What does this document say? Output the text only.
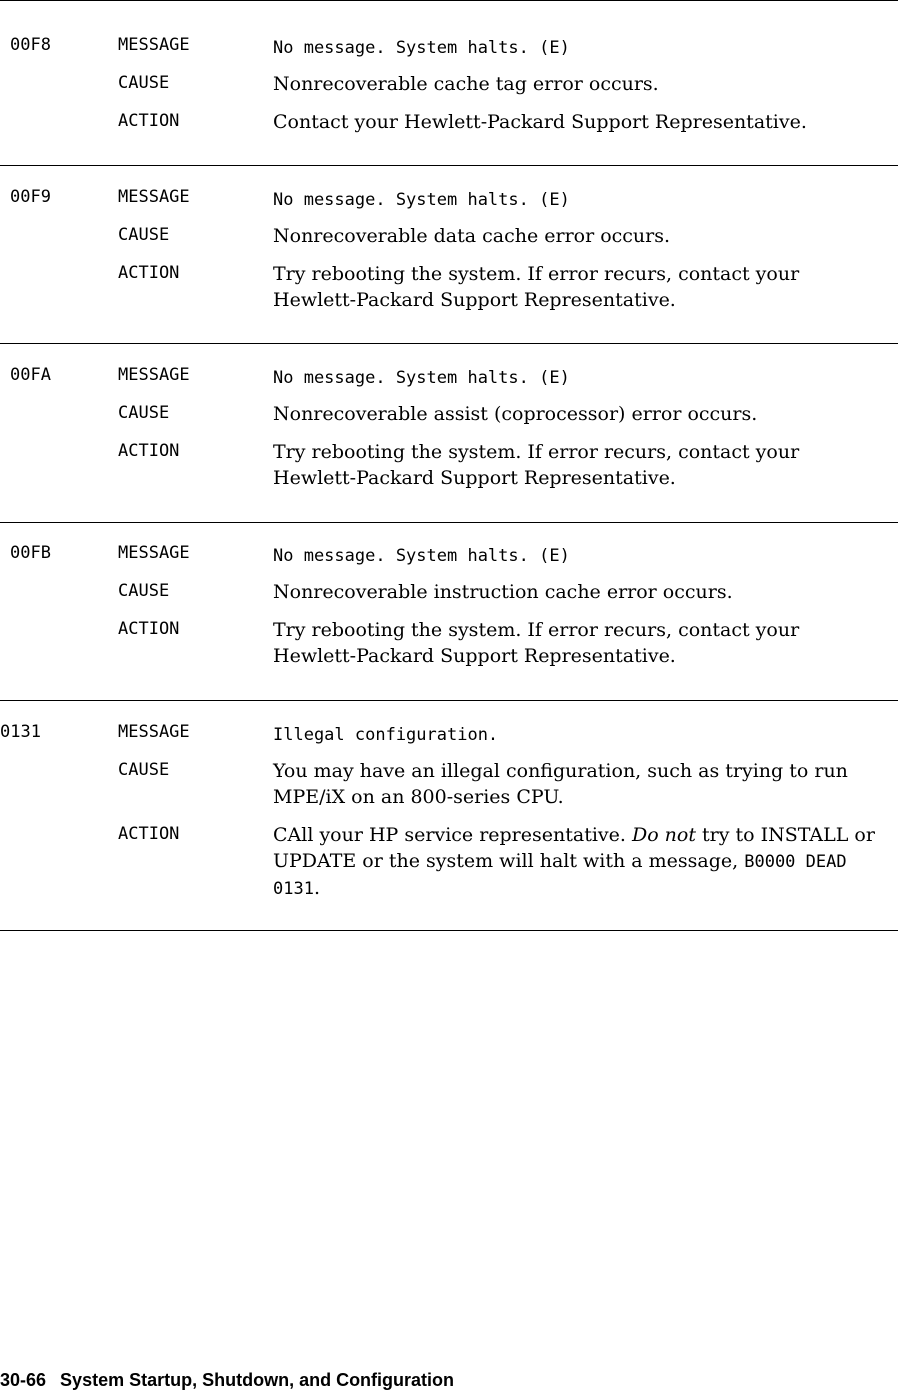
00F8	MESSAGE	No message. System halts. (E)
CAUSE	Nonrecoverable cache tag error occurs.
ACTION	Contact your Hewlett-Packard Support Representative.
00F9	MESSAGE	No message. System halts. (E)
CAUSE	Nonrecoverable data cache error occurs.
ACTION	Try rebooting the system. If error recurs, contact your
Hewlett-Packard Support Representative.
00FA	MESSAGE	No message. System halts. (E)
CAUSE	Nonrecoverable assist (coprocessor) error occurs.
ACTION	Try rebooting the system. If error recurs, contact your
Hewlett-Packard Support Representative.
00FB	MESSAGE	No message. System halts. (E)
CAUSE	Nonrecoverable instruction cache error occurs.
ACTION	Try rebooting the system. If error recurs, contact your
Hewlett-Packard Support Representative.
0131	MESSAGE	Illegal configuration.
CAUSE	You may have an illegal configuration, such as trying to run
MPE/iX on an 800-series CPU.
ACTION	CAll your HP service representative. Do not try to INSTALL or
UPDATE or the system will halt with a message, B0000 DEAD
0131.
30-66 System Startup, Shutdown, and Configuration
